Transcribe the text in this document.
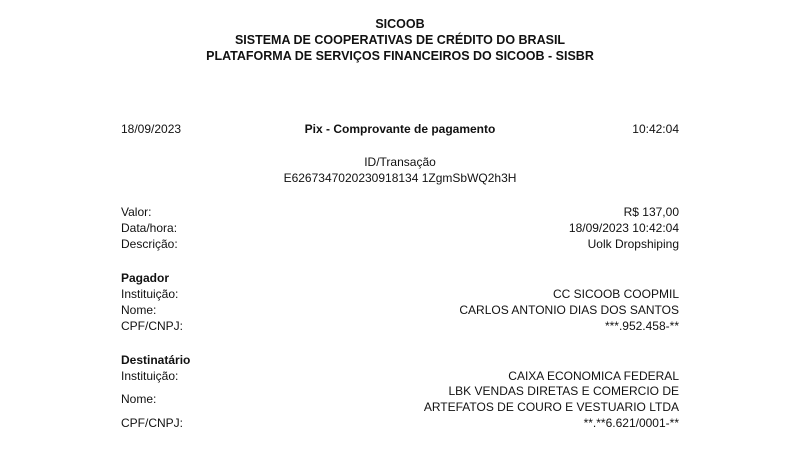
SICOOB
SISTEMA DE COOPERATIVAS DE CRÉDITO DO BRASIL
PLATAFORMA DE SERVIÇOS FINANCEIROS DO SICOOB - SISBR
18/09/2023	Pix - Comprovante de pagamento	10:42:04
ID/Transação
E6267347020230918134 1ZgmSbWQ2h3H
Valor:	R$ 137,00
Data/hora:	18/09/2023 10:42:04
Descrição:	Uolk Dropshiping
Pagador
Instituição:	CC SICOOB COOPMIL
Nome:	CARLOS ANTONIO DIAS DOS SANTOS
CPF/CNPJ:	***.952.458-**
Destinatário
Instituição:	CAIXA ECONOMICA FEDERAL
Nome:
LBK VENDAS DIRETAS E COMERCIO DE
ARTEFATOS DE COURO E VESTUARIO LTDA
CPF/CNPJ:	**.**6.621/0001-**
